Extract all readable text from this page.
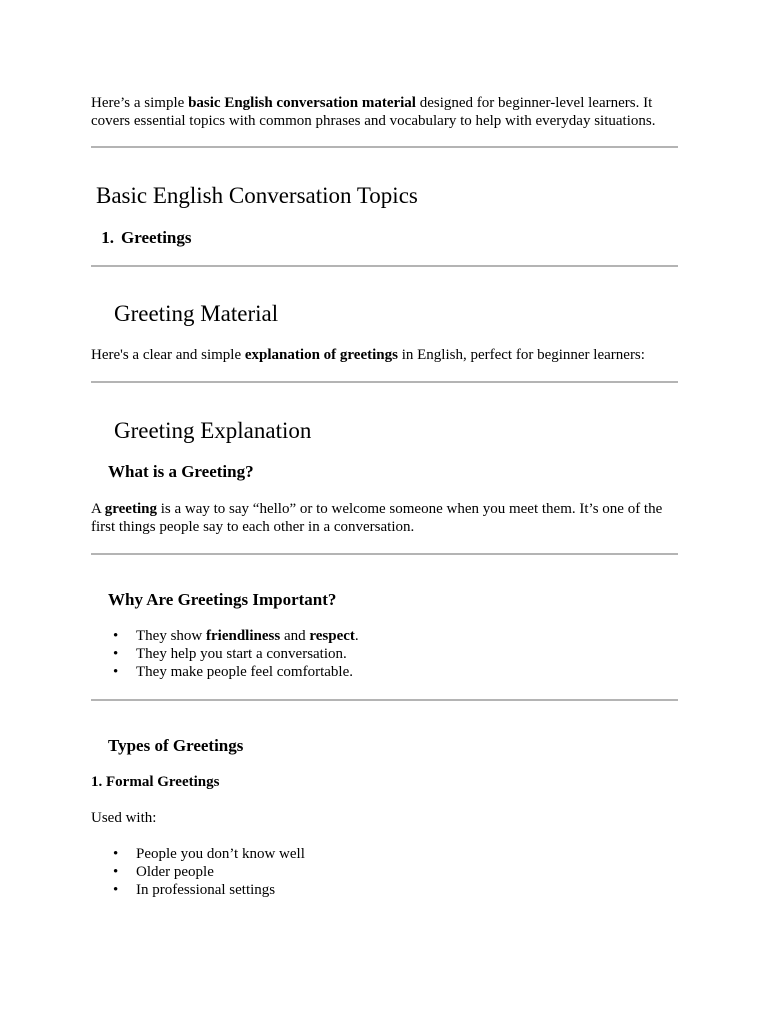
Here’s a simple basic English conversation material designed for beginner-level learners. It covers essential topics with common phrases and vocabulary to help with everyday situations.

Basic English Conversation Topics
1. Greetings
Greeting Material

Here's a clear and simple explanation of greetings in English, perfect for beginner learners:

Greeting Explanation
What is a Greeting?

A greeting is a way to say “hello” or to welcome someone when you meet them. It’s one of the first things people say to each other in a conversation.

Why Are Greetings Important?
• They show friendliness and respect.
• They help you start a conversation.
• They make people feel comfortable.
Types of Greetings
1. Formal Greetings

Used with:

• People you don’t know well
• Older people
• In professional settings
